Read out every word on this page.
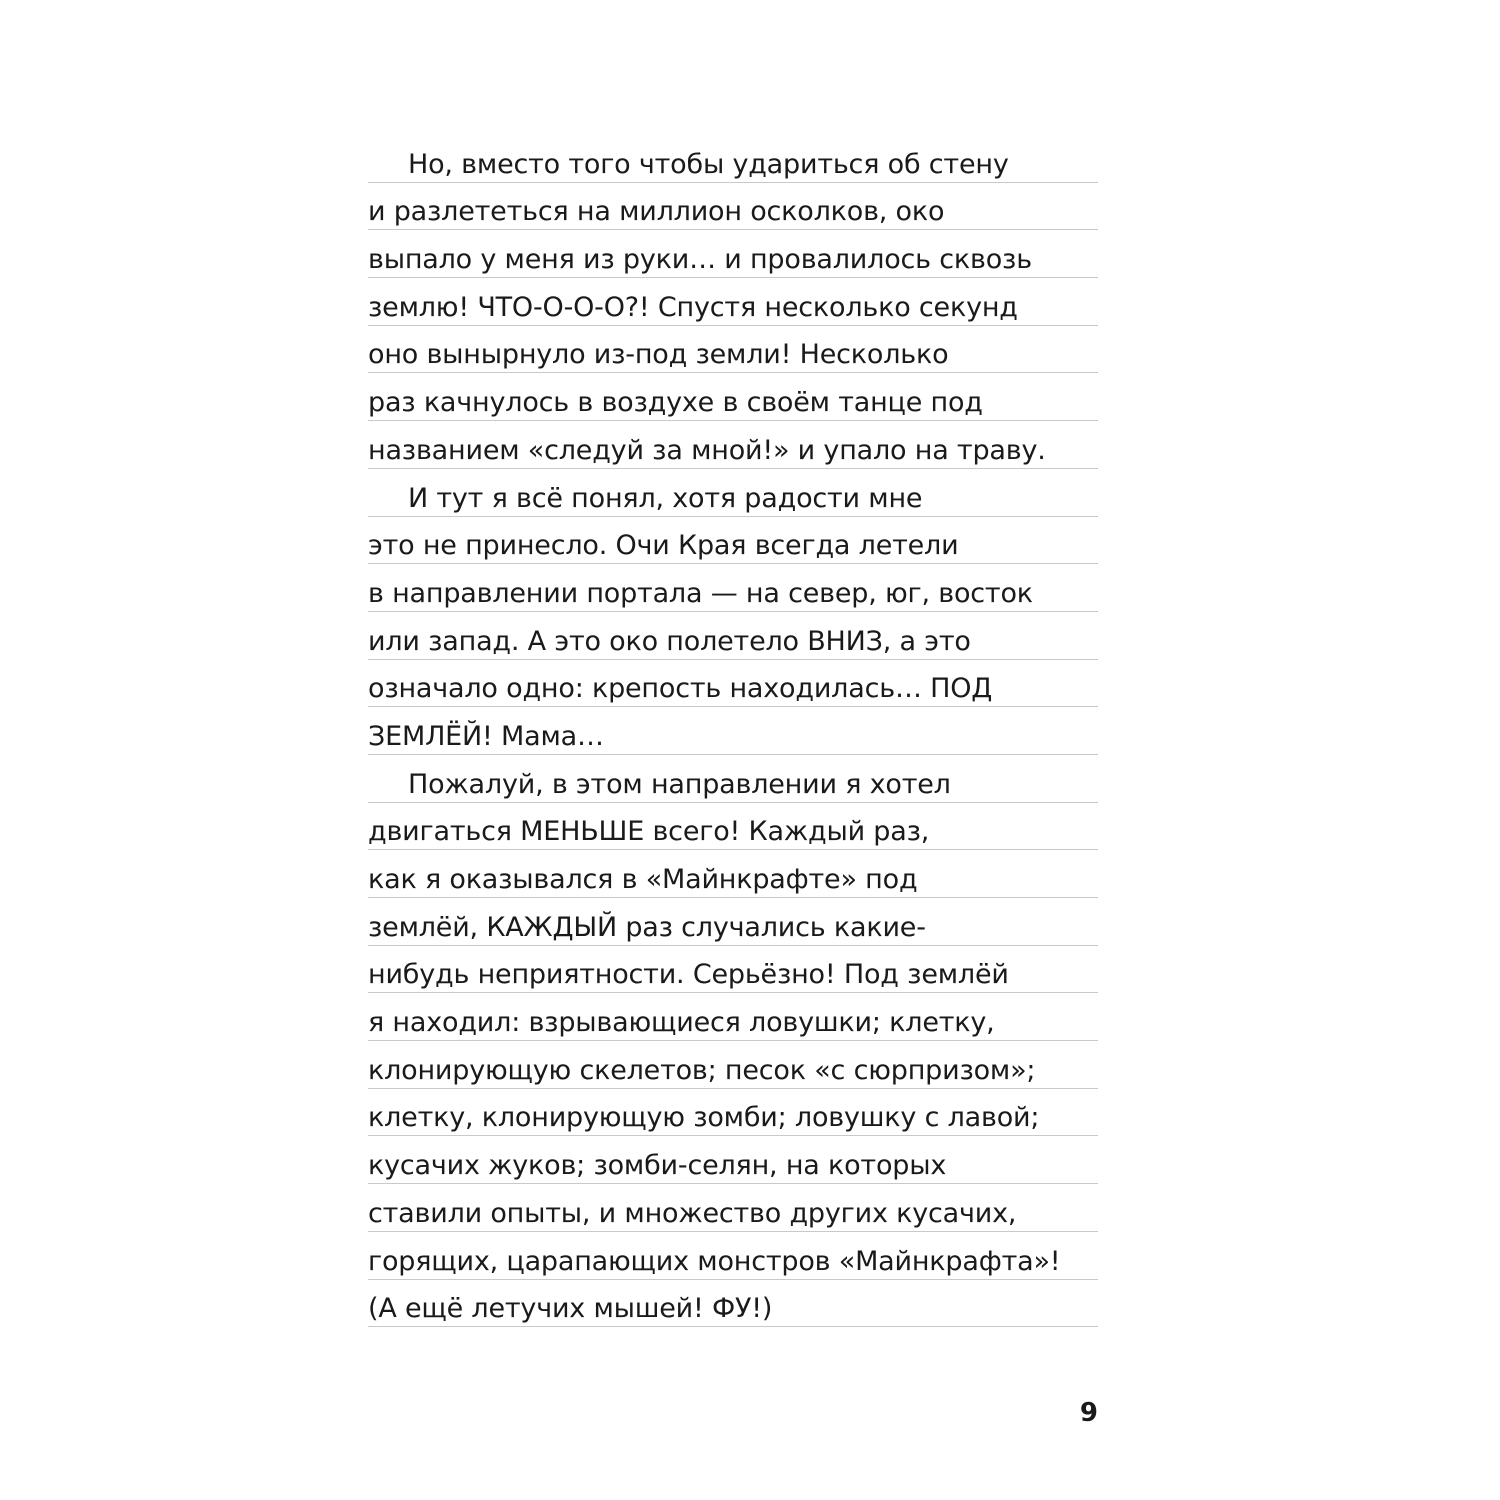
Но, вместо того чтобы удариться об стену
и разлететься на миллион осколков, око
выпало у меня из руки… и провалилось сквозь
землю! ЧТО-О-О-О?! Спустя несколько секунд
оно вынырнуло из-под земли! Несколько
раз качнулось в воздухе в своём танце под
названием «следуй за мной!» и упало на траву.
И тут я всё понял, хотя радости мне
это не принесло. Очи Края всегда летели
в направлении портала — на север, юг, восток
или запад. А это око полетело ВНИЗ, а это
означало одно: крепость находилась… ПОД
ЗЕМЛЁЙ! Мама…
Пожалуй, в этом направлении я хотел
двигаться МЕНЬШЕ всего! Каждый раз,
как я оказывался в «Майнкрафте» под
землёй, КАЖДЫЙ раз случались какие-
нибудь неприятности. Серьёзно! Под землёй
я находил: взрывающиеся ловушки; клетку,
клонирующую скелетов; песок «с сюрпризом»;
клетку, клонирующую зомби; ловушку с лавой;
кусачих жуков; зомби-селян, на которых
ставили опыты, и множество других кусачих,
горящих, царапающих монстров «Майнкрафта»!
(А ещё летучих мышей! ФУ!)
9
